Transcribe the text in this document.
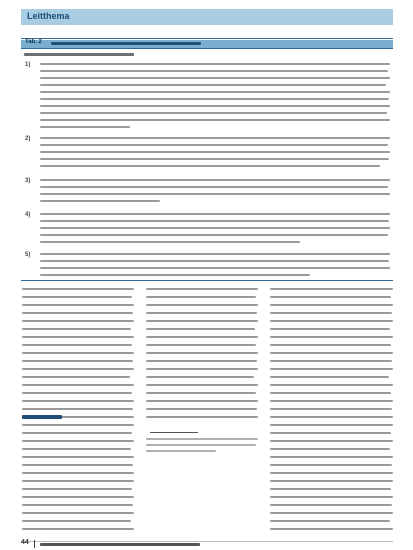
Leitthema
Tab. 2
1)
2)
3)
4)
5)
44
